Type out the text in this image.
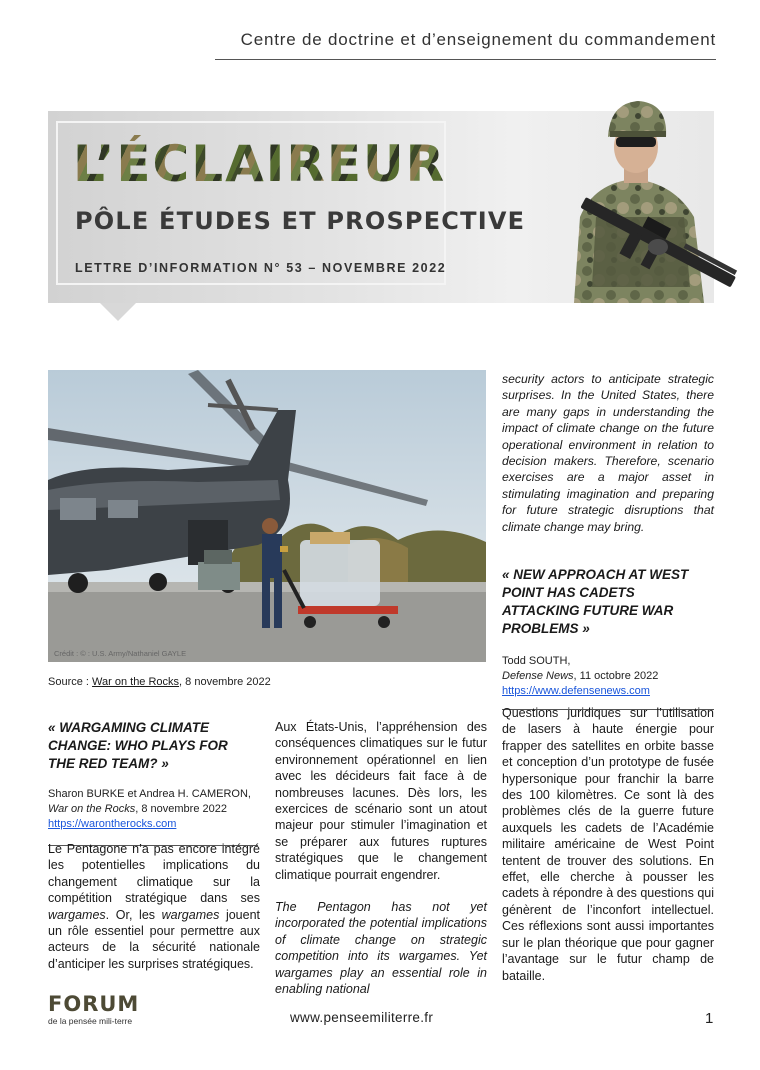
Centre de doctrine et d’enseignement du commandement
L’ÉCLAIREUR
PÔLE ÉTUDES ET PROSPECTIVE
LETTRE D’INFORMATION N° 53 – NOVEMBRE 2022
Crédit : © : U.S. Army/Nathaniel GAYLE
Source : War on the Rocks, 8 novembre 2022

security actors to anticipate strategic surprises. In the United States, there are many gaps in understanding the impact of climate change on the future operational environment in relation to decision makers. Therefore, scenario exercises are a major asset in stimulating imagination and preparing for future strategic disruptions that climate change may bring.

« NEW APPROACH AT WEST POINT HAS CADETS ATTACKING FUTURE WAR PROBLEMS »
Todd SOUTH,
Defense News, 11 octobre 2022
https://www.defensenews.com
« WARGAMING CLIMATE CHANGE: WHO PLAYS FOR THE RED TEAM? »
Sharon BURKE et Andrea H. CAMERON,
War on the Rocks, 8 novembre 2022
https://warontherocks.com

Le Pentagone n’a pas encore intégré les potentielles implications du changement climatique sur la compétition stratégique dans ses wargames. Or, les wargames jouent un rôle essentiel pour permettre aux acteurs de la sécurité nationale d’anticiper les surprises stratégiques.

Aux États-Unis, l’appréhension des conséquences climatiques sur le futur environnement opérationnel en lien avec les décideurs fait face à de nombreuses lacunes. Dès lors, les exercices de scénario sont un atout majeur pour stimuler l’imagination et se préparer aux futures ruptures stratégiques que le changement climatique pourrait engendrer.

The Pentagon has not yet incorporated the potential implications of climate change on strategic competition into its wargames. Yet wargames play an essential role in enabling national

Questions juridiques sur l’utilisation de lasers à haute énergie pour frapper des satellites en orbite basse et conception d’un prototype de fusée hypersonique pour franchir la barre des 100 kilomètres. Ce sont là des problèmes clés de la guerre future auxquels les cadets de l’Académie militaire américaine de West Point tentent de trouver des solutions. En effet, elle cherche à pousser les cadets à répondre à des questions qui génèrent de l’inconfort intellectuel. Ces réflexions sont aussi importantes sur le plan théorique que pour gagner l’avantage sur le futur champ de bataille.

FORUM
de la pensée mili-terre	www.penseemiliterre.fr	1
